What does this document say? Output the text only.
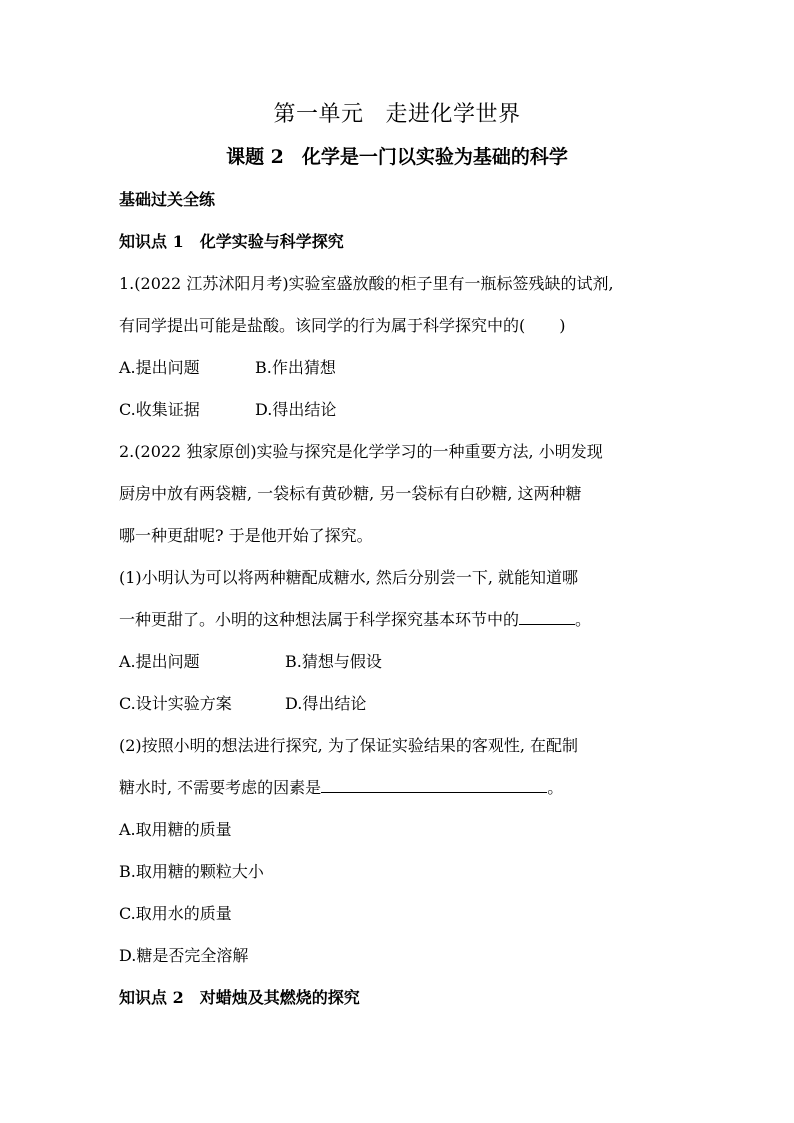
第一单元 走进化学世界
课题 2 化学是一门以实验为基础的科学
基础过关全练
知识点 1 化学实验与科学探究
1.(2022 江苏沭阳月考)实验室盛放酸的柜子里有一瓶标签残缺的试剂,
有同学提出可能是盐酸。该同学的行为属于科学探究中的( )
A.提出问题	B.作出猜想
C.收集证据	D.得出结论
2.(2022 独家原创)实验与探究是化学学习的一种重要方法, 小明发现
厨房中放有两袋糖, 一袋标有黄砂糖, 另一袋标有白砂糖, 这两种糖
哪一种更甜呢? 于是他开始了探究。
(1)小明认为可以将两种糖配成糖水, 然后分别尝一下, 就能知道哪
一种更甜了。小明的这种想法属于科学探究基本环节中的	。
A.提出问题	B.猜想与假设
C.设计实验方案	D.得出结论
(2)按照小明的想法进行探究, 为了保证实验结果的客观性, 在配制
糖水时, 不需要考虑的因素是	。
A.取用糖的质量
B.取用糖的颗粒大小
C.取用水的质量
D.糖是否完全溶解
知识点 2 对蜡烛及其燃烧的探究
